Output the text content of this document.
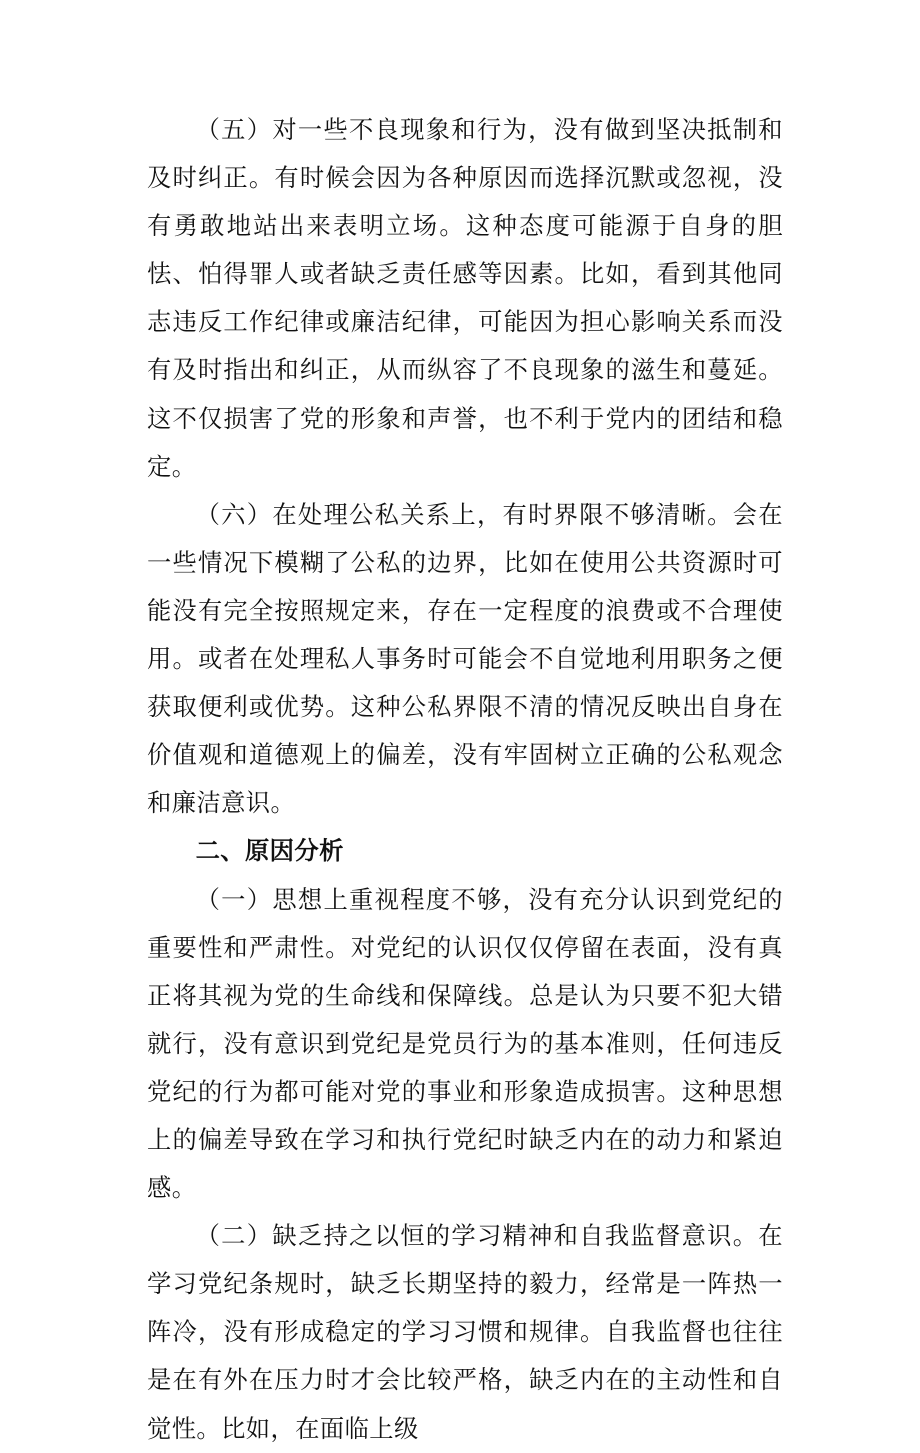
（五）对一些不良现象和行为，没有做到坚决抵制和及时纠正。有时候会因为各种原因而选择沉默或忽视，没有勇敢地站出来表明立场。这种态度可能源于自身的胆怯、怕得罪人或者缺乏责任感等因素。比如，看到其他同志违反工作纪律或廉洁纪律，可能因为担心影响关系而没有及时指出和纠正，从而纵容了不良现象的滋生和蔓延。这不仅损害了党的形象和声誉，也不利于党内的团结和稳定。

（六）在处理公私关系上，有时界限不够清晰。会在一些情况下模糊了公私的边界，比如在使用公共资源时可能没有完全按照规定来，存在一定程度的浪费或不合理使用。或者在处理私人事务时可能会不自觉地利用职务之便获取便利或优势。这种公私界限不清的情况反映出自身在价值观和道德观上的偏差，没有牢固树立正确的公私观念和廉洁意识。

二、原因分析

（一）思想上重视程度不够，没有充分认识到党纪的重要性和严肃性。对党纪的认识仅仅停留在表面，没有真正将其视为党的生命线和保障线。总是认为只要不犯大错就行，没有意识到党纪是党员行为的基本准则，任何违反党纪的行为都可能对党的事业和形象造成损害。这种思想上的偏差导致在学习和执行党纪时缺乏内在的动力和紧迫感。

（二）缺乏持之以恒的学习精神和自我监督意识。在学习党纪条规时，缺乏长期坚持的毅力，经常是一阵热一阵冷，没有形成稳定的学习习惯和规律。自我监督也往往是在有外在压力时才会比较严格，缺乏内在的主动性和自觉性。比如，在面临上级
